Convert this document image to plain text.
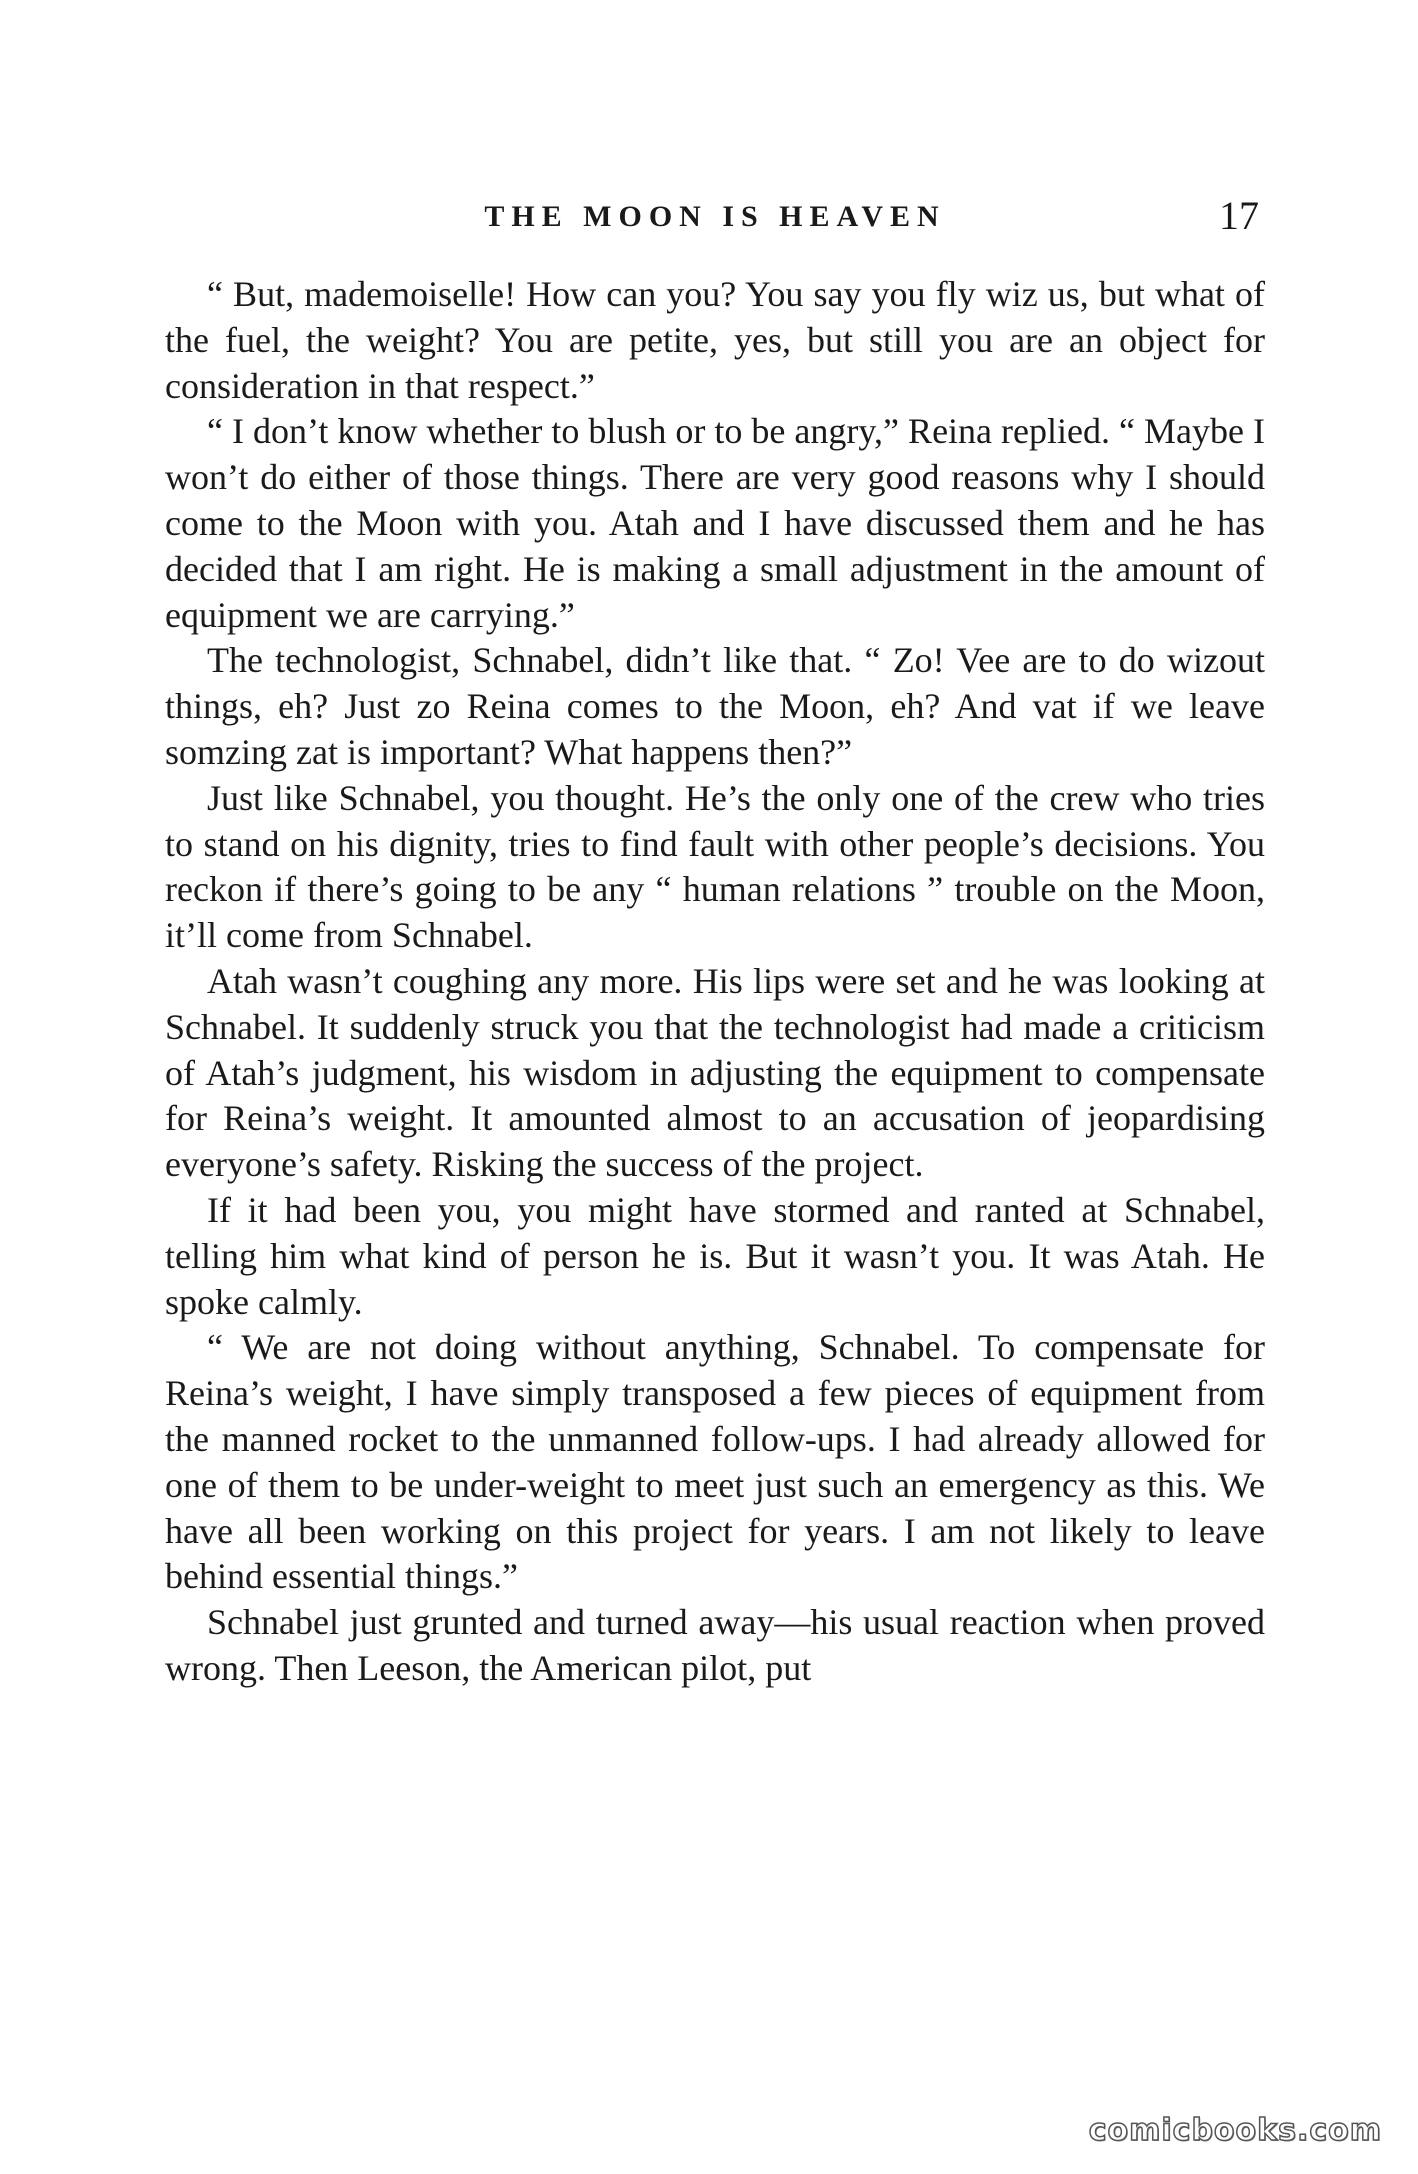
THE MOON IS HEAVEN	17

“ But, mademoiselle! How can you? You say you fly wiz us, but what of the fuel, the weight? You are petite, yes, but still you are an object for consideration in that respect.”

“ I don’t know whether to blush or to be angry,” Reina replied. “ Maybe I won’t do either of those things. There are very good reasons why I should come to the Moon with you. Atah and I have discussed them and he has decided that I am right. He is making a small adjustment in the amount of equipment we are carrying.”

The technologist, Schnabel, didn’t like that. “ Zo! Vee are to do wizout things, eh? Just zo Reina comes to the Moon, eh? And vat if we leave somzing zat is important? What happens then?”

Just like Schnabel, you thought. He’s the only one of the crew who tries to stand on his dignity, tries to find fault with other people’s decisions. You reckon if there’s going to be any “ human relations ” trouble on the Moon, it’ll come from Schnabel.

Atah wasn’t coughing any more. His lips were set and he was looking at Schnabel. It suddenly struck you that the technologist had made a criticism of Atah’s judgment, his wisdom in adjusting the equipment to compensate for Reina’s weight. It amounted almost to an accusation of jeopardising everyone’s safety. Risking the success of the project.

If it had been you, you might have stormed and ranted at Schnabel, telling him what kind of person he is. But it wasn’t you. It was Atah. He spoke calmly.

“ We are not doing without anything, Schnabel. To compensate for Reina’s weight, I have simply transposed a few pieces of equipment from the manned rocket to the unmanned follow-ups. I had already allowed for one of them to be under-weight to meet just such an emergency as this. We have all been working on this project for years. I am not likely to leave behind essential things.”

Schnabel just grunted and turned away—his usual reaction when proved wrong. Then Leeson, the American pilot, put

comicbooks.com
